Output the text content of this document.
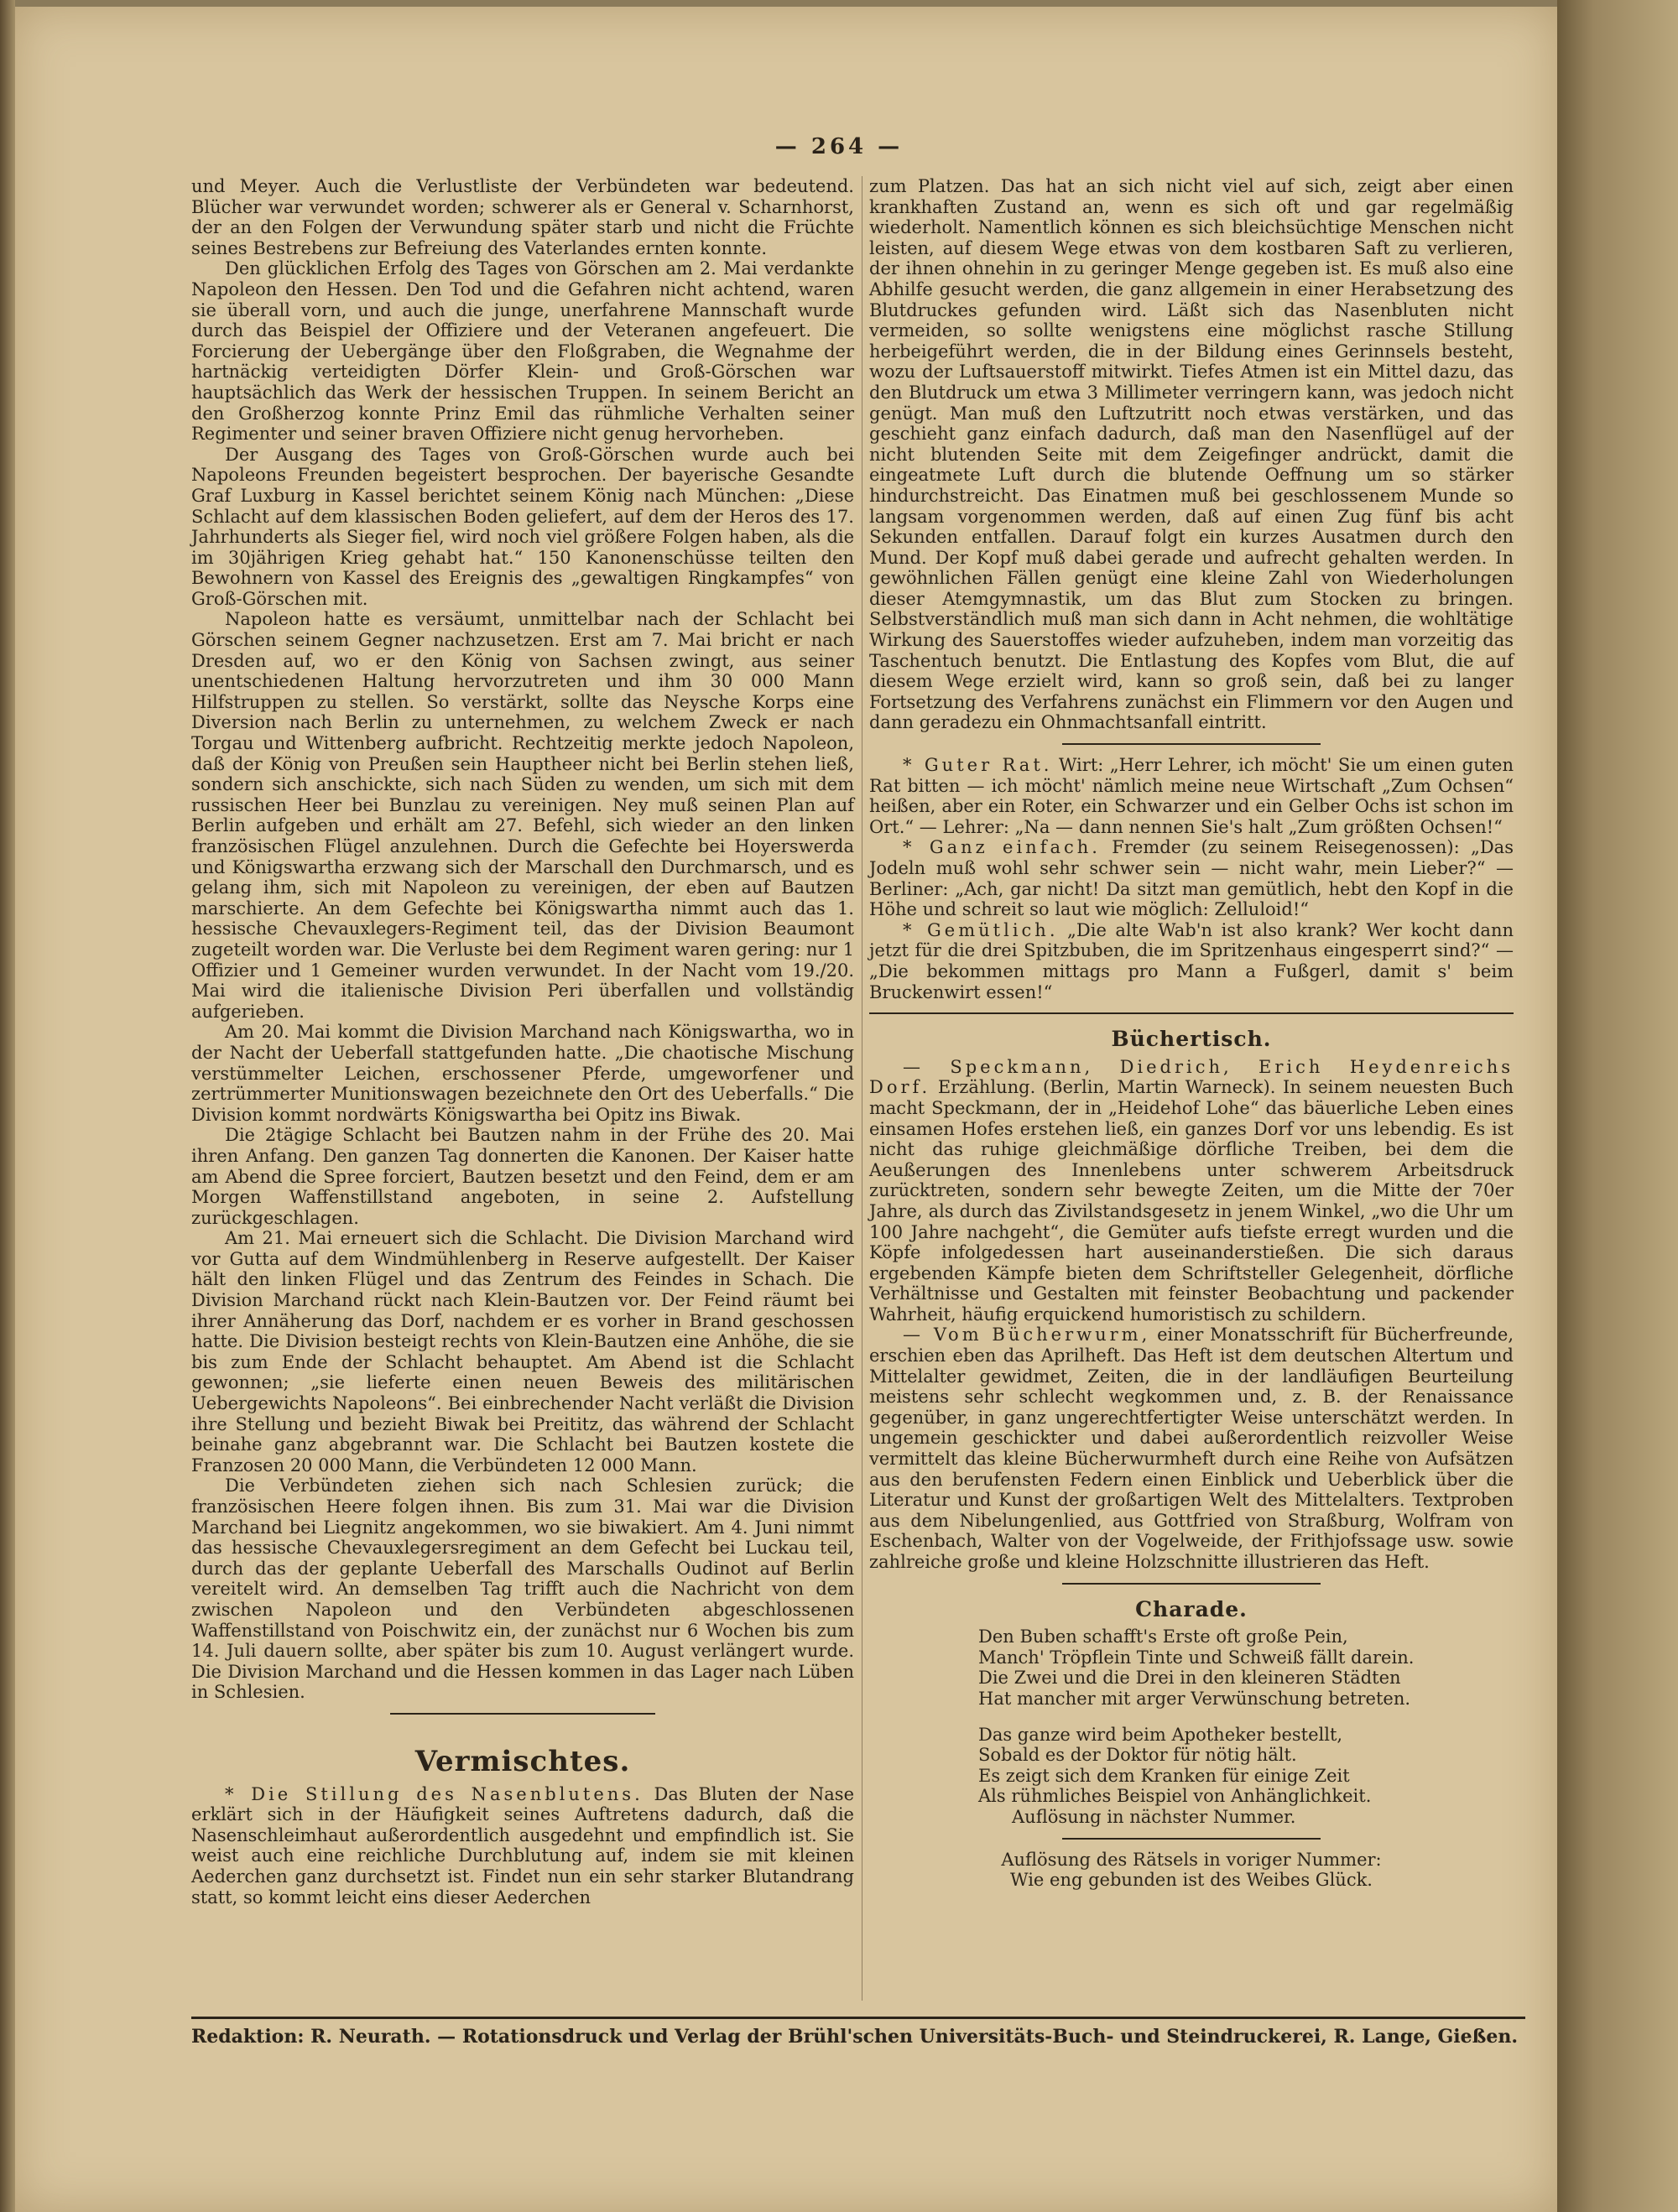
— 264 —

und Meyer. Auch die Verlustliste der Verbündeten war bedeutend. Blücher war verwundet worden; schwerer als er General v. Scharnhorst, der an den Folgen der Verwundung später starb und nicht die Früchte seines Bestrebens zur Befreiung des Vaterlandes ernten konnte.

Den glücklichen Erfolg des Tages von Görschen am 2. Mai verdankte Napoleon den Hessen. Den Tod und die Gefahren nicht achtend, waren sie überall vorn, und auch die junge, unerfahrene Mannschaft wurde durch das Beispiel der Offiziere und der Veteranen angefeuert. Die Forcierung der Uebergänge über den Floßgraben, die Wegnahme der hartnäckig verteidigten Dörfer Klein- und Groß-Görschen war hauptsächlich das Werk der hessischen Truppen. In seinem Bericht an den Großherzog konnte Prinz Emil das rühmliche Verhalten seiner Regimenter und seiner braven Offiziere nicht genug hervorheben.

Der Ausgang des Tages von Groß-Görschen wurde auch bei Napoleons Freunden begeistert besprochen. Der bayerische Gesandte Graf Luxburg in Kassel berichtet seinem König nach München: „Diese Schlacht auf dem klassischen Boden geliefert, auf dem der Heros des 17. Jahrhunderts als Sieger fiel, wird noch viel größere Folgen haben, als die im 30jährigen Krieg gehabt hat.“ 150 Kanonenschüsse teilten den Bewohnern von Kassel des Ereignis des „gewaltigen Ringkampfes“ von Groß-Görschen mit.

Napoleon hatte es versäumt, unmittelbar nach der Schlacht bei Görschen seinem Gegner nachzusetzen. Erst am 7. Mai bricht er nach Dresden auf, wo er den König von Sachsen zwingt, aus seiner unentschiedenen Haltung hervorzutreten und ihm 30 000 Mann Hilfstruppen zu stellen. So verstärkt, sollte das Neysche Korps eine Diversion nach Berlin zu unternehmen, zu welchem Zweck er nach Torgau und Wittenberg aufbricht. Rechtzeitig merkte jedoch Napoleon, daß der König von Preußen sein Hauptheer nicht bei Berlin stehen ließ, sondern sich anschickte, sich nach Süden zu wenden, um sich mit dem russischen Heer bei Bunzlau zu vereinigen. Ney muß seinen Plan auf Berlin aufgeben und erhält am 27. Befehl, sich wieder an den linken französischen Flügel anzulehnen. Durch die Gefechte bei Hoyerswerda und Königswartha erzwang sich der Marschall den Durchmarsch, und es gelang ihm, sich mit Napoleon zu vereinigen, der eben auf Bautzen marschierte. An dem Gefechte bei Königswartha nimmt auch das 1. hessische Chevauxlegers-Regiment teil, das der Division Beaumont zugeteilt worden war. Die Verluste bei dem Regiment waren gering: nur 1 Offizier und 1 Gemeiner wurden verwundet. In der Nacht vom 19./20. Mai wird die italienische Division Peri überfallen und vollständig aufgerieben.

Am 20. Mai kommt die Division Marchand nach Königswartha, wo in der Nacht der Ueberfall stattgefunden hatte. „Die chaotische Mischung verstümmelter Leichen, erschossener Pferde, umgeworfener und zertrümmerter Munitionswagen bezeichnete den Ort des Ueberfalls.“ Die Division kommt nordwärts Königswartha bei Opitz ins Biwak.

Die 2tägige Schlacht bei Bautzen nahm in der Frühe des 20. Mai ihren Anfang. Den ganzen Tag donnerten die Kanonen. Der Kaiser hatte am Abend die Spree forciert, Bautzen besetzt und den Feind, dem er am Morgen Waffenstillstand angeboten, in seine 2. Aufstellung zurückgeschlagen.

Am 21. Mai erneuert sich die Schlacht. Die Division Marchand wird vor Gutta auf dem Windmühlenberg in Reserve aufgestellt. Der Kaiser hält den linken Flügel und das Zentrum des Feindes in Schach. Die Division Marchand rückt nach Klein-Bautzen vor. Der Feind räumt bei ihrer Annäherung das Dorf, nachdem er es vorher in Brand geschossen hatte. Die Division besteigt rechts von Klein-Bautzen eine Anhöhe, die sie bis zum Ende der Schlacht behauptet. Am Abend ist die Schlacht gewonnen; „sie lieferte einen neuen Beweis des militärischen Uebergewichts Napoleons“. Bei einbrechender Nacht verläßt die Division ihre Stellung und bezieht Biwak bei Preititz, das während der Schlacht beinahe ganz abgebrannt war. Die Schlacht bei Bautzen kostete die Franzosen 20 000 Mann, die Verbündeten 12 000 Mann.

Die Verbündeten ziehen sich nach Schlesien zurück; die französischen Heere folgen ihnen. Bis zum 31. Mai war die Division Marchand bei Liegnitz angekommen, wo sie biwakiert. Am 4. Juni nimmt das hessische Chevauxlegersregiment an dem Gefecht bei Luckau teil, durch das der geplante Ueberfall des Marschalls Oudinot auf Berlin vereitelt wird. An demselben Tag trifft auch die Nachricht von dem zwischen Napoleon und den Verbündeten abgeschlossenen Waffenstillstand von Poischwitz ein, der zunächst nur 6 Wochen bis zum 14. Juli dauern sollte, aber später bis zum 10. August verlängert wurde. Die Division Marchand und die Hessen kommen in das Lager nach Lüben in Schlesien.

Vermischtes.
* Die Stillung des Nasenblutens. Das Bluten der Nase erklärt sich in der Häufigkeit seines Auftretens dadurch, daß die Nasenschleimhaut außerordentlich ausgedehnt und empfindlich ist. Sie weist auch eine reichliche Durchblutung auf, indem sie mit kleinen Aederchen ganz durchsetzt ist. Findet nun ein sehr starker Blutandrang statt, so kommt leicht eins dieser Aederchen
zum Platzen. Das hat an sich nicht viel auf sich, zeigt aber einen krankhaften Zustand an, wenn es sich oft und gar regelmäßig wiederholt. Namentlich können es sich bleichsüchtige Menschen nicht leisten, auf diesem Wege etwas von dem kostbaren Saft zu verlieren, der ihnen ohnehin in zu geringer Menge gegeben ist. Es muß also eine Abhilfe gesucht werden, die ganz allgemein in einer Herabsetzung des Blutdruckes gefunden wird. Läßt sich das Nasenbluten nicht vermeiden, so sollte wenigstens eine möglichst rasche Stillung herbeigeführt werden, die in der Bildung eines Gerinnsels besteht, wozu der Luftsauerstoff mitwirkt. Tiefes Atmen ist ein Mittel dazu, das den Blutdruck um etwa 3 Millimeter verringern kann, was jedoch nicht genügt. Man muß den Luftzutritt noch etwas verstärken, und das geschieht ganz einfach dadurch, daß man den Nasenflügel auf der nicht blutenden Seite mit dem Zeigefinger andrückt, damit die eingeatmete Luft durch die blutende Oeffnung um so stärker hindurchstreicht. Das Einatmen muß bei geschlossenem Munde so langsam vorgenommen werden, daß auf einen Zug fünf bis acht Sekunden entfallen. Darauf folgt ein kurzes Ausatmen durch den Mund. Der Kopf muß dabei gerade und aufrecht gehalten werden. In gewöhnlichen Fällen genügt eine kleine Zahl von Wiederholungen dieser Atemgymnastik, um das Blut zum Stocken zu bringen. Selbstverständlich muß man sich dann in Acht nehmen, die wohltätige Wirkung des Sauerstoffes wieder aufzuheben, indem man vorzeitig das Taschentuch benutzt. Die Entlastung des Kopfes vom Blut, die auf diesem Wege erzielt wird, kann so groß sein, daß bei zu langer Fortsetzung des Verfahrens zunächst ein Flimmern vor den Augen und dann geradezu ein Ohnmachtsanfall eintritt.
* Guter Rat. Wirt: „Herr Lehrer, ich möcht' Sie um einen guten Rat bitten — ich möcht' nämlich meine neue Wirtschaft „Zum Ochsen“ heißen, aber ein Roter, ein Schwarzer und ein Gelber Ochs ist schon im Ort.“ — Lehrer: „Na — dann nennen Sie's halt „Zum größten Ochsen!“
* Ganz einfach. Fremder (zu seinem Reisegenossen): „Das Jodeln muß wohl sehr schwer sein — nicht wahr, mein Lieber?“ — Berliner: „Ach, gar nicht! Da sitzt man gemütlich, hebt den Kopf in die Höhe und schreit so laut wie möglich: Zelluloid!“
* Gemütlich. „Die alte Wab'n ist also krank? Wer kocht dann jetzt für die drei Spitzbuben, die im Spritzenhaus eingesperrt sind?“ — „Die bekommen mittags pro Mann a Fußgerl, damit s' beim Bruckenwirt essen!“
Büchertisch.
— Speckmann, Diedrich, Erich Heydenreichs Dorf. Erzählung. (Berlin, Martin Warneck). In seinem neuesten Buch macht Speckmann, der in „Heidehof Lohe“ das bäuerliche Leben eines einsamen Hofes erstehen ließ, ein ganzes Dorf vor uns lebendig. Es ist nicht das ruhige gleichmäßige dörfliche Treiben, bei dem die Aeußerungen des Innenlebens unter schwerem Arbeitsdruck zurücktreten, sondern sehr bewegte Zeiten, um die Mitte der 70er Jahre, als durch das Zivilstandsgesetz in jenem Winkel, „wo die Uhr um 100 Jahre nachgeht“, die Gemüter aufs tiefste erregt wurden und die Köpfe infolgedessen hart auseinanderstießen. Die sich daraus ergebenden Kämpfe bieten dem Schriftsteller Gelegenheit, dörfliche Verhältnisse und Gestalten mit feinster Beobachtung und packender Wahrheit, häufig erquickend humoristisch zu schildern.
— Vom Bücherwurm, einer Monatsschrift für Bücherfreunde, erschien eben das Aprilheft. Das Heft ist dem deutschen Altertum und Mittelalter gewidmet, Zeiten, die in der landläufigen Beurteilung meistens sehr schlecht wegkommen und, z. B. der Renaissance gegenüber, in ganz ungerechtfertigter Weise unterschätzt werden. In ungemein geschickter und dabei außerordentlich reizvoller Weise vermittelt das kleine Bücherwurmheft durch eine Reihe von Aufsätzen aus den berufensten Federn einen Einblick und Ueberblick über die Literatur und Kunst der großartigen Welt des Mittelalters. Textproben aus dem Nibelungenlied, aus Gottfried von Straßburg, Wolfram von Eschenbach, Walter von der Vogelweide, der Frithjofssage usw. sowie zahlreiche große und kleine Holzschnitte illustrieren das Heft.
Charade.
Den Buben schafft's Erste oft große Pein,
Manch' Tröpflein Tinte und Schweiß fällt darein.
Die Zwei und die Drei in den kleineren Städten
Hat mancher mit arger Verwünschung betreten.
Das ganze wird beim Apotheker bestellt,
Sobald es der Doktor für nötig hält.
Es zeigt sich dem Kranken für einige Zeit
Als rühmliches Beispiel von Anhänglichkeit.
Auflösung in nächster Nummer.
Auflösung des Rätsels in voriger Nummer:
Wie eng gebunden ist des Weibes Glück.
Redaktion: R. Neurath. — Rotationsdruck und Verlag der Brühl'schen Universitäts-Buch- und Steindruckerei, R. Lange, Gießen.
